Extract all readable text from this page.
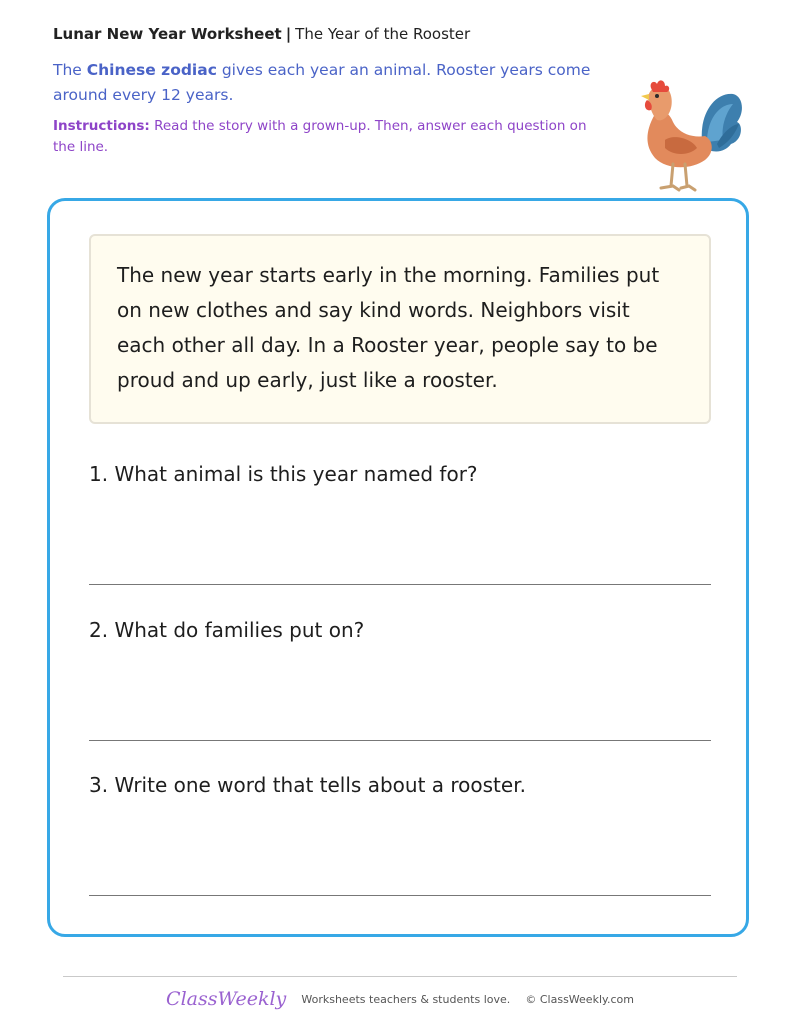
Lunar New Year Worksheet | The Year of the Rooster
The Chinese zodiac gives each year an animal. Rooster years come around every 12 years.
Instructions: Read the story with a grown-up. Then, answer each question on the line.
The new year starts early in the morning. Families put on new clothes and say kind words. Neighbors visit each other all day. In a Rooster year, people say to be proud and up early, just like a rooster.
1. What animal is this year named for?
2. What do families put on?
3. Write one word that tells about a rooster.
ClassWeekly Worksheets teachers & students love. © ClassWeekly.com
